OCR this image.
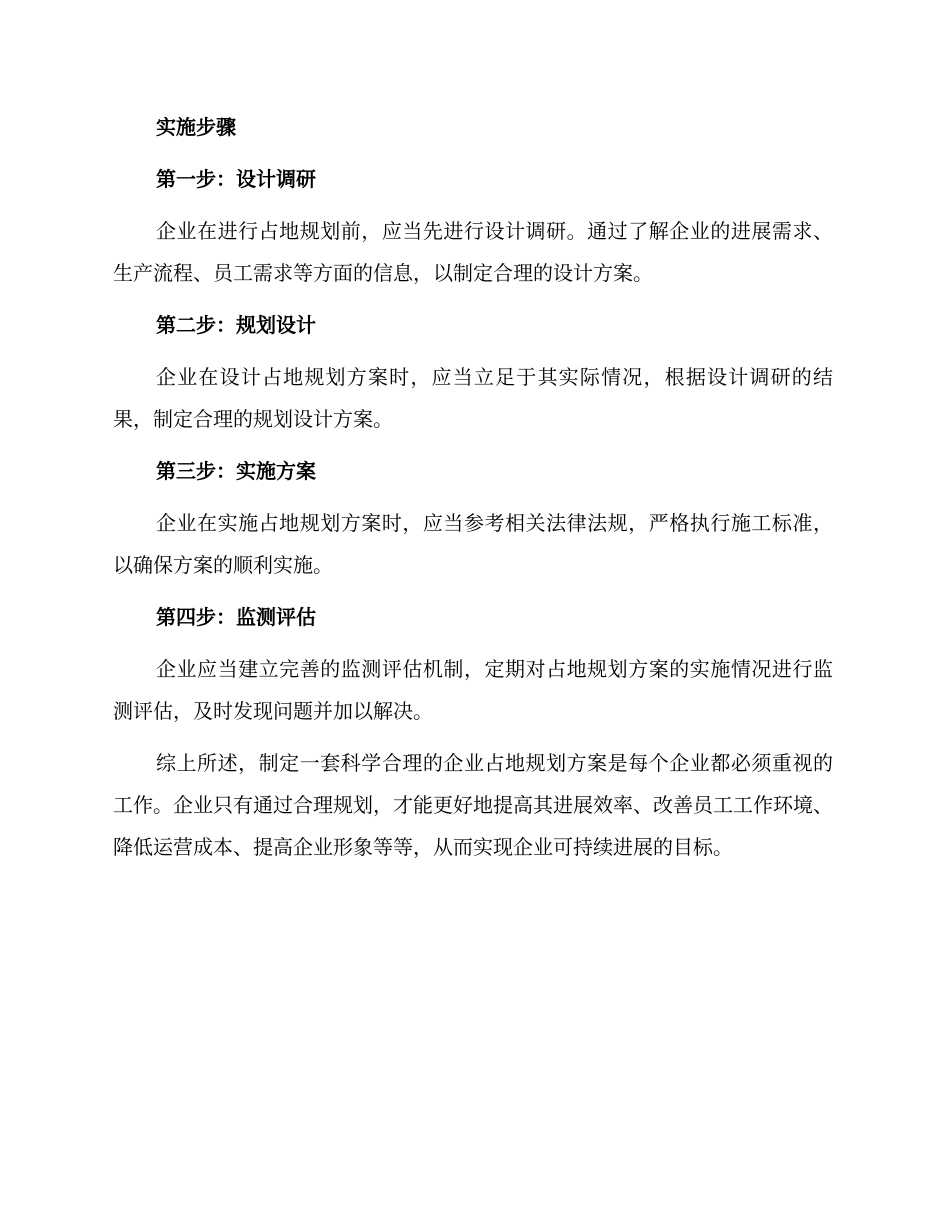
实施步骤
第一步：设计调研

企业在进行占地规划前，应当先进行设计调研。通过了解企业的进展需求、生产流程、员工需求等方面的信息，以制定合理的设计方案。

第二步：规划设计

企业在设计占地规划方案时，应当立足于其实际情况，根据设计调研的结果，制定合理的规划设计方案。

第三步：实施方案

企业在实施占地规划方案时，应当参考相关法律法规，严格执行施工标准，以确保方案的顺利实施。

第四步：监测评估

企业应当建立完善的监测评估机制，定期对占地规划方案的实施情况进行监测评估，及时发现问题并加以解决。

综上所述，制定一套科学合理的企业占地规划方案是每个企业都必须重视的工作。企业只有通过合理规划，才能更好地提高其进展效率、改善员工工作环境、降低运营成本、提高企业形象等等，从而实现企业可持续进展的目标。
